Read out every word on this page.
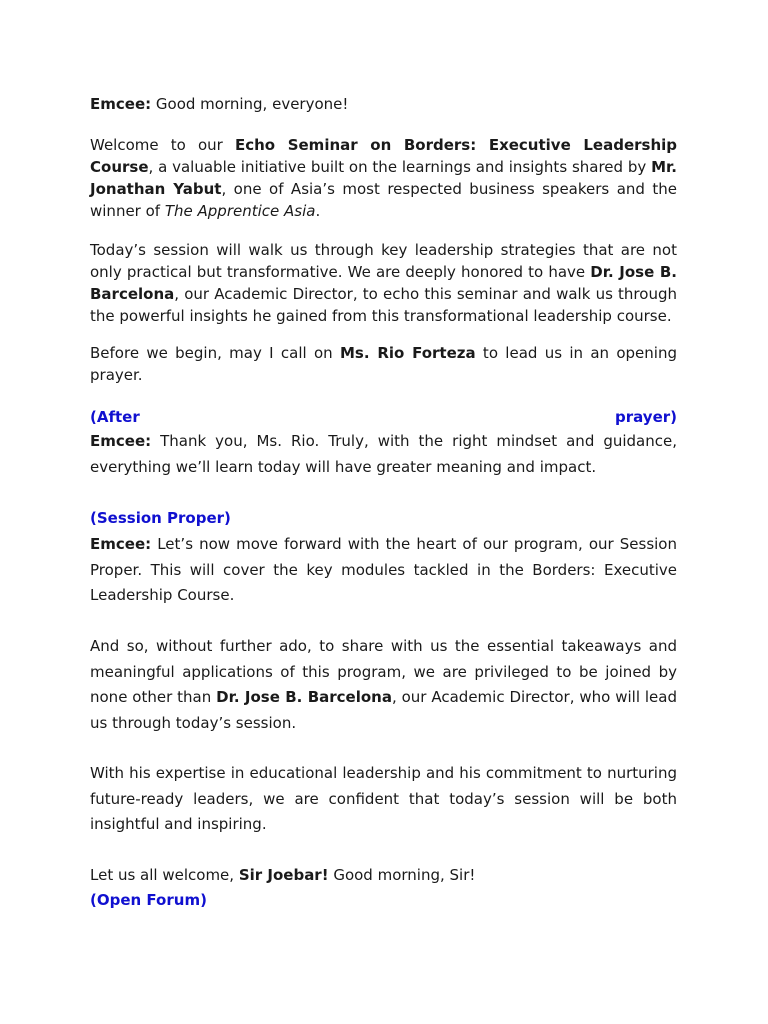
Emcee: Good morning, everyone!

Welcome to our Echo Seminar on Borders: Executive Leadership Course, a valuable initiative built on the learnings and insights shared by Mr. Jonathan Yabut, one of Asia’s most respected business speakers and the winner of The Apprentice Asia.

Today’s session will walk us through key leadership strategies that are not only practical but transformative. We are deeply honored to have Dr. Jose B. Barcelona, our Academic Director, to echo this seminar and walk us through the powerful insights he gained from this transformational leadership course.

Before we begin, may I call on Ms. Rio Forteza to lead us in an opening prayer.

(After	prayer)

Emcee: Thank you, Ms. Rio. Truly, with the right mindset and guidance, everything we’ll learn today will have greater meaning and impact.

(Session Proper)

Emcee: Let’s now move forward with the heart of our program, our Session Proper. This will cover the key modules tackled in the Borders: Executive Leadership Course.

And so, without further ado, to share with us the essential takeaways and meaningful applications of this program, we are privileged to be joined by none other than Dr. Jose B. Barcelona, our Academic Director, who will lead us through today’s session.

With his expertise in educational leadership and his commitment to nurturing future-ready leaders, we are confident that today’s session will be both insightful and inspiring.

Let us all welcome, Sir Joebar! Good morning, Sir!

(Open Forum)
